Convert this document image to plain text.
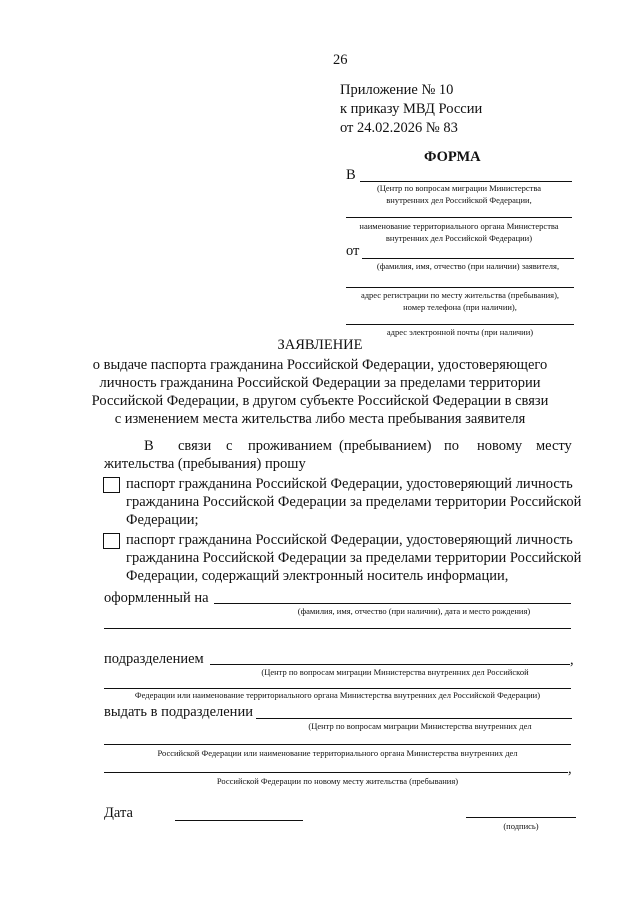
26
Приложение № 10
к приказу МВД России
от 24.02.2026 № 83
ФОРМА
В
(Центр по вопросам миграции Министерства
внутренних дел Российской Федерации,
наименование территориального органа Министерства
внутренних дел Российской Федерации)
от
(фамилия, имя, отчество (при наличии) заявителя,
адрес регистрации по месту жительства (пребывания),
номер телефона (при наличии),
адрес электронной почты (при наличии)
ЗАЯВЛЕНИЕ
о выдаче паспорта гражданина Российской Федерации, удостоверяющего
личность гражданина Российской Федерации за пределами территории
Российской Федерации, в другом субъекте Российской Федерации в связи
с изменением места жительства либо места пребывания заявителя
В связи с проживанием (пребыванием) по новому месту
жительства (пребывания) прошу
паспорт гражданина Российской Федерации, удостоверяющий личность
гражданина Российской Федерации за пределами территории Российской
Федерации;
паспорт гражданина Российской Федерации, удостоверяющий личность
гражданина Российской Федерации за пределами территории Российской
Федерации, содержащий электронный носитель информации,
оформленный на
(фамилия, имя, отчество (при наличии), дата и место рождения)
подразделением	,
(Центр по вопросам миграции Министерства внутренних дел Российской
Федерации или наименование территориального органа Министерства внутренних дел Российской Федерации)
выдать в подразделении
(Центр по вопросам миграции Министерства внутренних дел
Российской Федерации или наименование территориального органа Министерства внутренних дел
,
Российской Федерации по новому месту жительства (пребывания)
Дата
(подпись)
